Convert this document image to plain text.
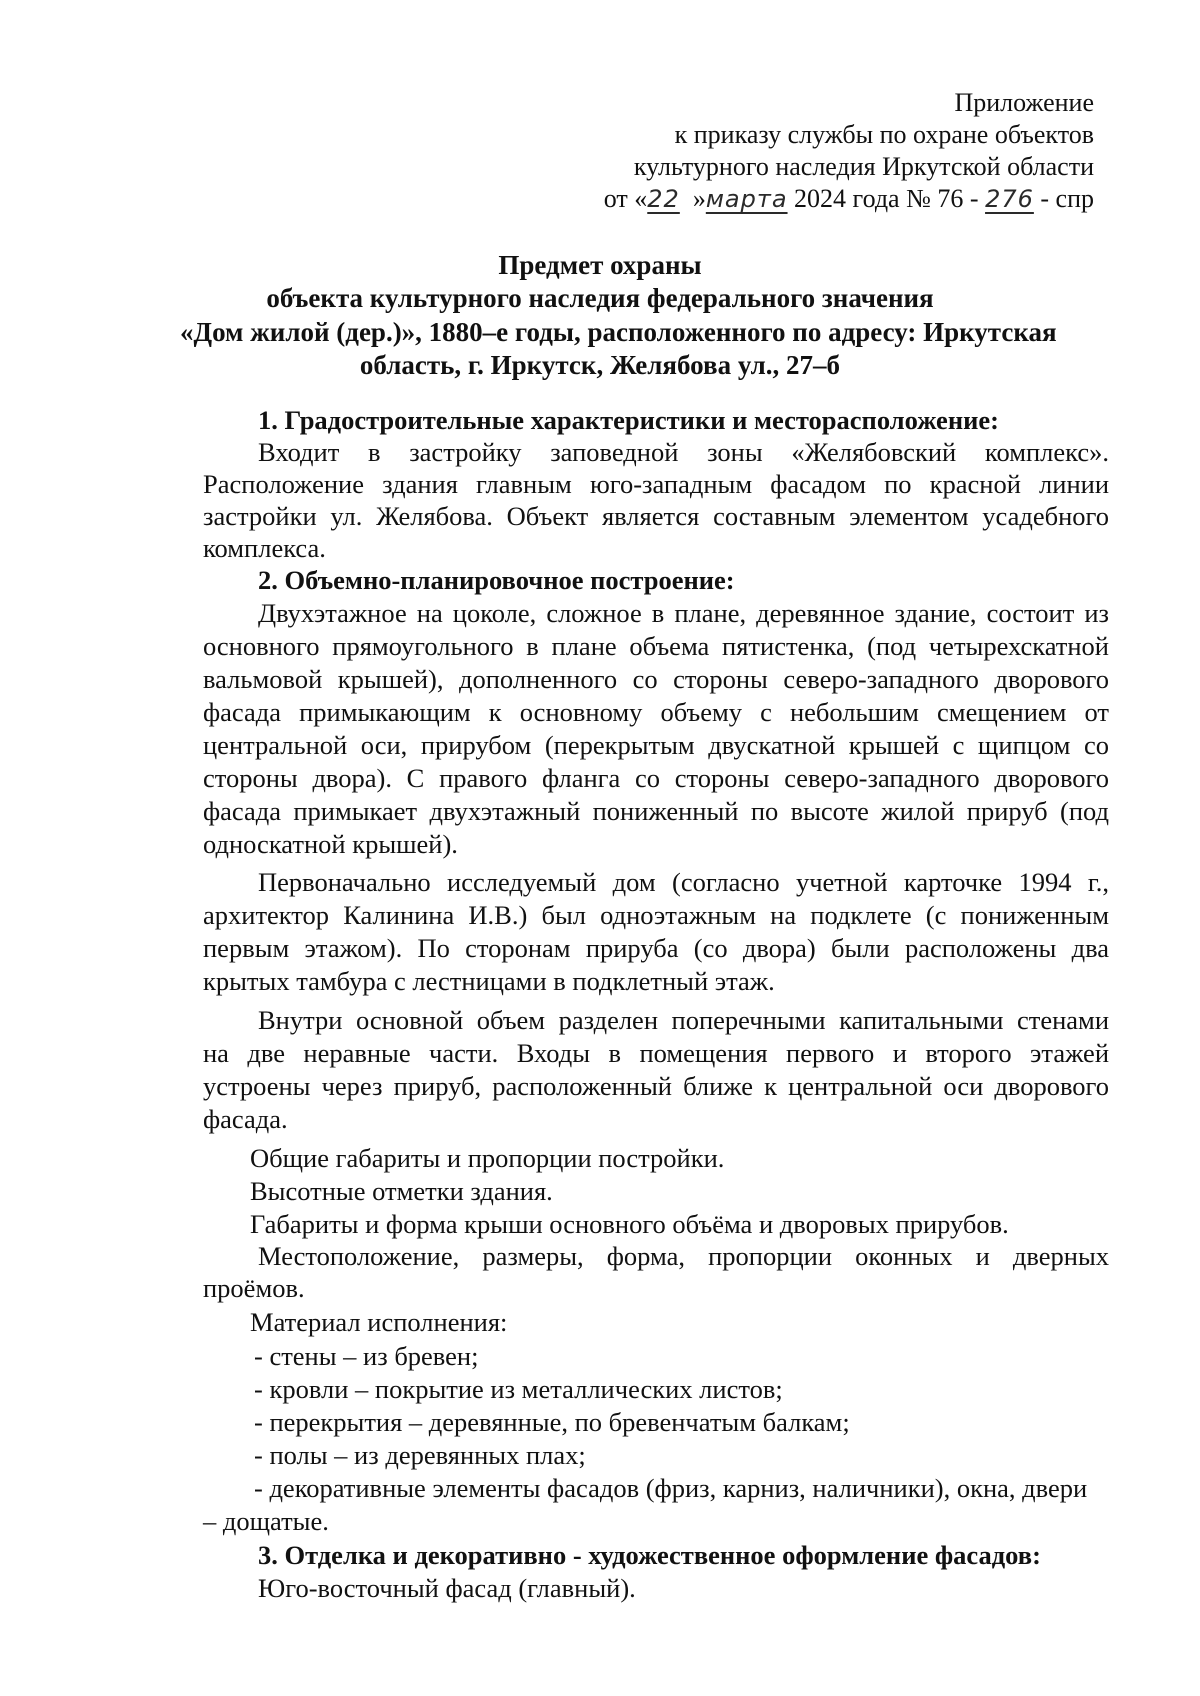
Приложение
к приказу службы по охране объектов
культурного наследия Иркутской области
от «22 »марта 2024 года № 76 - 276 - спр
Предмет охраны
объекта культурного наследия федерального значения
«Дом жилой (дер.)», 1880–е годы, расположенного по адресу: Иркутская
область, г. Иркутск, Желябова ул., 27–б
1. Градостроительные характеристики и месторасположение:
Входит в застройку заповедной зоны «Желябовский комплекс».
Расположение здания главным юго-западным фасадом по красной линии
застройки ул. Желябова. Объект является составным элементом усадебного
комплекса.
2. Объемно-планировочное построение:
Двухэтажное на цоколе, сложное в плане, деревянное здание, состоит из
основного прямоугольного в плане объема пятистенка, (под четырехскатной
вальмовой крышей), дополненного со стороны северо-западного дворового
фасада примыкающим к основному объему с небольшим смещением от
центральной оси, прирубом (перекрытым двускатной крышей с щипцом со
стороны двора). С правого фланга со стороны северо-западного дворового
фасада примыкает двухэтажный пониженный по высоте жилой прируб (под
односкатной крышей).
Первоначально исследуемый дом (согласно учетной карточке 1994 г.,
архитектор Калинина И.В.) был одноэтажным на подклете (с пониженным
первым этажом). По сторонам прируба (со двора) были расположены два
крытых тамбура с лестницами в подклетный этаж.
Внутри основной объем разделен поперечными капитальными стенами
на две неравные части. Входы в помещения первого и второго этажей
устроены через прируб, расположенный ближе к центральной оси дворового
фасада.
Общие габариты и пропорции постройки.
Высотные отметки здания.
Габариты и форма крыши основного объёма и дворовых прирубов.
Местоположение, размеры, форма, пропорции оконных и дверных
проёмов.
Материал исполнения:
- стены – из бревен;
- кровли – покрытие из металлических листов;
- перекрытия – деревянные, по бревенчатым балкам;
- полы – из деревянных плах;
- декоративные элементы фасадов (фриз, карниз, наличники), окна, двери
– дощатые.
3. Отделка и декоративно - художественное оформление фасадов:
Юго-восточный фасад (главный).
